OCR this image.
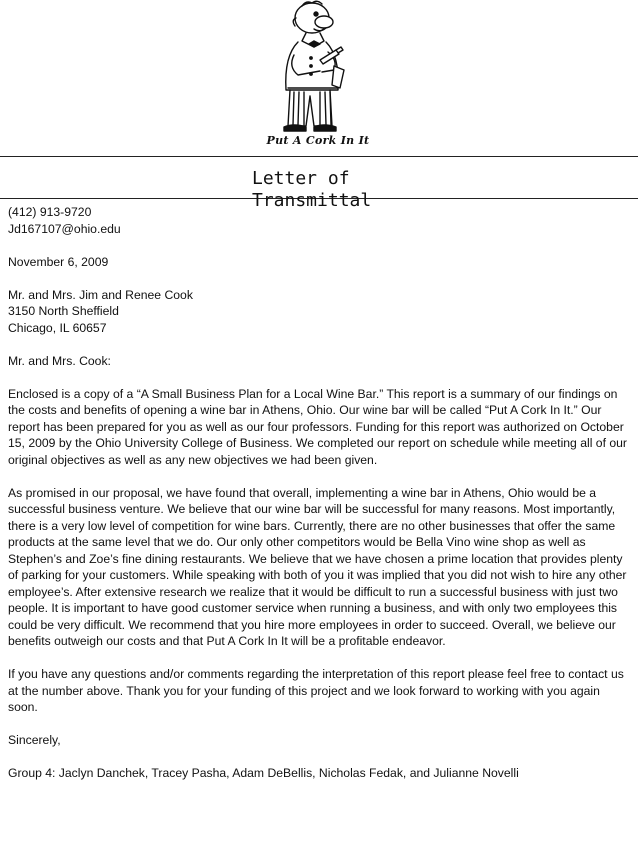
Put A Cork In It
Letter of
Transmittal

(412) 913-9720
Jd167107@ohio.edu

November 6, 2009

Mr. and Mrs. Jim and Renee Cook
3150 North Sheffield
Chicago, IL 60657

Mr. and Mrs. Cook:

Enclosed is a copy of a “A Small Business Plan for a Local Wine Bar.” This report is a summary of our findings on the costs and benefits of opening a wine bar in Athens, Ohio. Our wine bar will be called “Put A Cork In It.” Our report has been prepared for you as well as our four professors. Funding for this report was authorized on October 15, 2009 by the Ohio University College of Business. We completed our report on schedule while meeting all of our original objectives as well as any new objectives we had been given.

As promised in our proposal, we have found that overall, implementing a wine bar in Athens, Ohio would be a successful business venture. We believe that our wine bar will be successful for many reasons. Most importantly, there is a very low level of competition for wine bars. Currently, there are no other businesses that offer the same products at the same level that we do. Our only other competitors would be Bella Vino wine shop as well as Stephen’s and Zoe’s fine dining restaurants. We believe that we have chosen a prime location that provides plenty of parking for your customers. While speaking with both of you it was implied that you did not wish to hire any other employee’s. After extensive research we realize that it would be difficult to run a successful business with just two people. It is important to have good customer service when running a business, and with only two employees this could be very difficult. We recommend that you hire more employees in order to succeed. Overall, we believe our benefits outweigh our costs and that Put A Cork In It will be a profitable endeavor.

If you have any questions and/or comments regarding the interpretation of this report please feel free to contact us at the number above. Thank you for your funding of this project and we look forward to working with you again soon.

Sincerely,

Group 4: Jaclyn Danchek, Tracey Pasha, Adam DeBellis, Nicholas Fedak, and Julianne Novelli
